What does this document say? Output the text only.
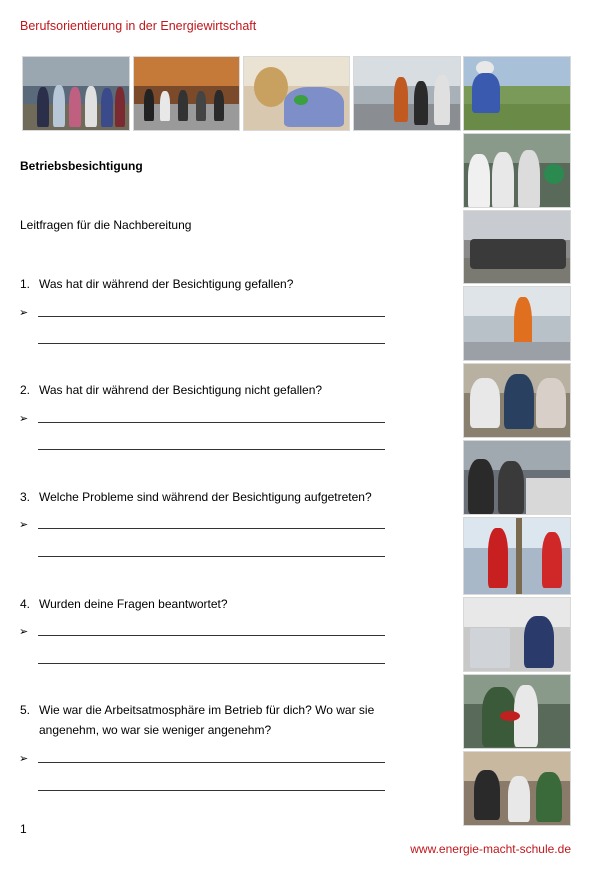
Berufsorientierung in der Energiewirtschaft
Betriebsbesichtigung
Leitfragen für die Nachbereitung
1. Was hat dir während der Besichtigung gefallen?
➢
2. Was hat dir während der Besichtigung nicht gefallen?
➢
3. Welche Probleme sind während der Besichtigung aufgetreten?
➢
4. Wurden deine Fragen beantwortet?
➢
5. Wie war die Arbeitsatmosphäre im Betrieb für dich? Wo war sie angenehm, wo war sie weniger angenehm?
➢
1
www.energie-macht-schule.de
